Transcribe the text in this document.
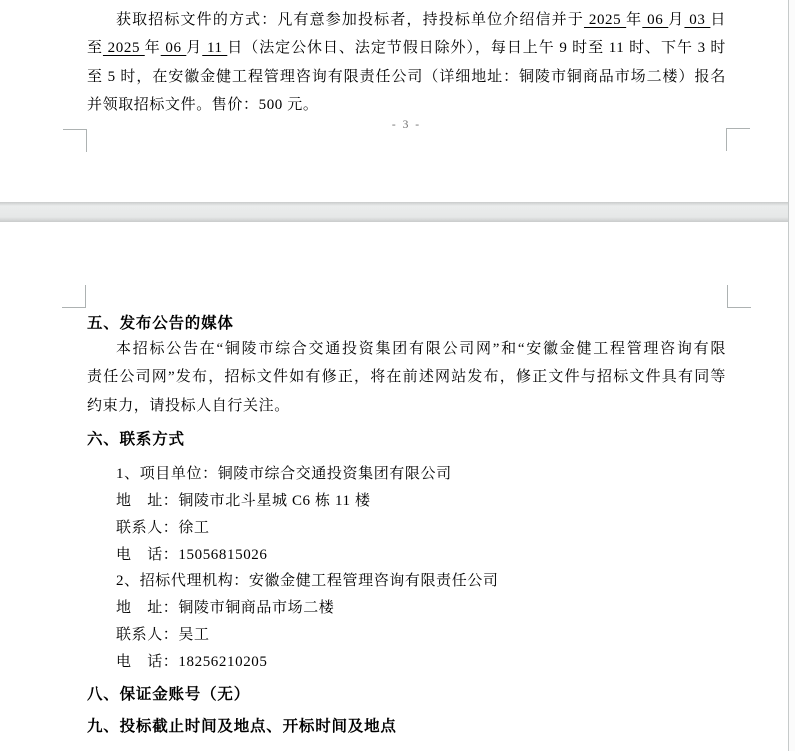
获取招标文件的方式：凡有意参加投标者，持投标单位介绍信并于 2025 年 06 月 03 日
至 2025 年 06 月 11 日（法定公休日、法定节假日除外），每日上午 9 时至 11 时、下午 3 时
至 5 时，在安徽金健工程管理咨询有限责任公司（详细地址：铜陵市铜商品市场二楼）报名
并领取招标文件。售价：500 元。
- 3 -
五、发布公告的媒体
本招标公告在“铜陵市综合交通投资集团有限公司网”和“安徽金健工程管理咨询有限
责任公司网”发布，招标文件如有修正，将在前述网站发布，修正文件与招标文件具有同等
约束力，请投标人自行关注。
六、联系方式
1、项目单位：铜陵市综合交通投资集团有限公司
地　址：铜陵市北斗星城 C6 栋 11 楼
联系人：徐工
电　话：15056815026
2、招标代理机构：安徽金健工程管理咨询有限责任公司
地　址：铜陵市铜商品市场二楼
联系人：吴工
电　话：18256210205
八、保证金账号（无）
九、投标截止时间及地点、开标时间及地点
